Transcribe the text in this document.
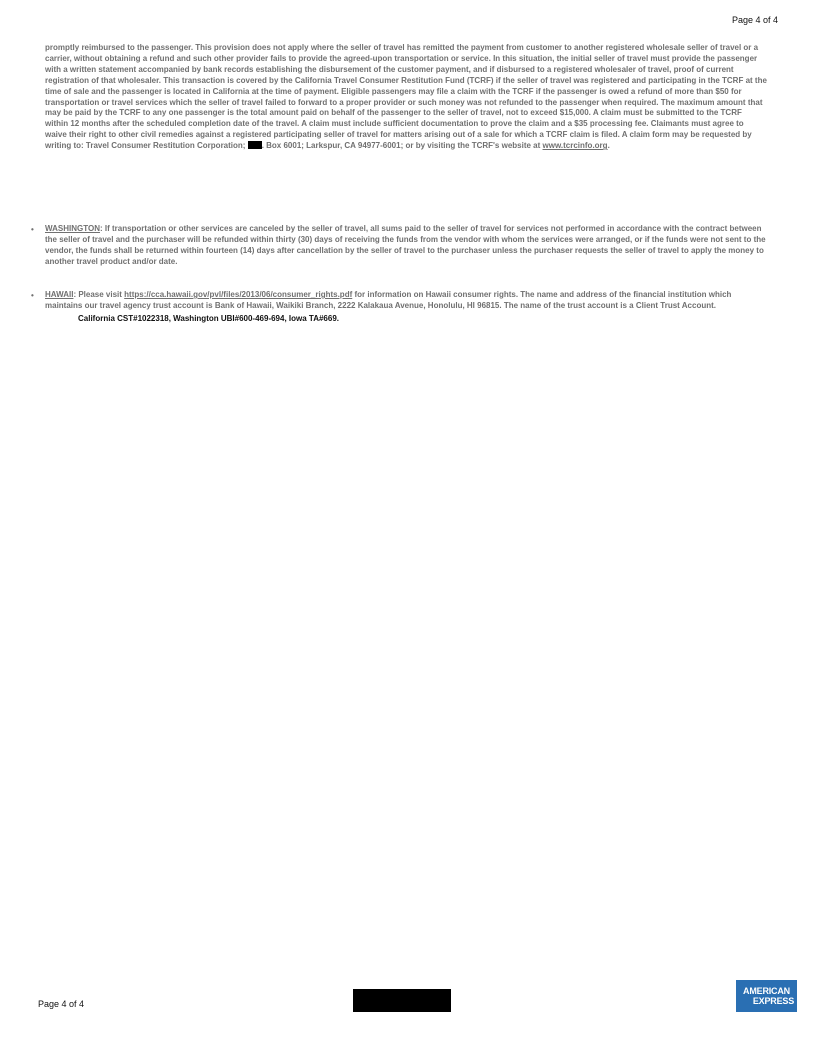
Page 4 of 4
promptly reimbursed to the passenger. This provision does not apply where the seller of travel has remitted the payment from customer to another registered wholesale seller of travel or a carrier, without obtaining a refund and such other provider fails to provide the agreed-upon transportation or service. In this situation, the initial seller of travel must provide the passenger with a written statement accompanied by bank records establishing the disbursement of the customer payment, and if disbursed to a registered wholesaler of travel, proof of current registration of that wholesaler. This transaction is covered by the California Travel Consumer Restitution Fund (TCRF) if the seller of travel was registered and participating in the TCRF at the time of sale and the passenger is located in California at the time of payment. Eligible passengers may file a claim with the TCRF if the passenger is owed a refund of more than $50 for transportation or travel services which the seller of travel failed to forward to a proper provider or such money was not refunded to the passenger when required. The maximum amount that may be paid by the TCRF to any one passenger is the total amount paid on behalf of the passenger to the seller of travel, not to exceed $15,000. A claim must be submitted to the TCRF within 12 months after the scheduled completion date of the travel. A claim must include sufficient documentation to prove the claim and a $35 processing fee. Claimants must agree to waive their right to other civil remedies against a registered participating seller of travel for matters arising out of a sale for which a TCRF claim is filed. A claim form may be requested by writing to: Travel Consumer Restitution Corporation; . Box 6001; Larkspur, CA 94977-6001; or by visiting the TCRF's website at www.tcrcinfo.org.
• WASHINGTON: If transportation or other services are canceled by the seller of travel, all sums paid to the seller of travel for services not performed in accordance with the contract between the seller of travel and the purchaser will be refunded within thirty (30) days of receiving the funds from the vendor with whom the services were arranged, or if the funds were not sent to the vendor, the funds shall be returned within fourteen (14) days after cancellation by the seller of travel to the purchaser unless the purchaser requests the seller of travel to apply the money to another travel product and/or date.
• HAWAII: Please visit https://cca.hawaii.gov/pvl/files/2013/06/consumer_rights.pdf for information on Hawaii consumer rights. The name and address of the financial institution which maintains our travel agency trust account is Bank of Hawaii, Waikiki Branch, 2222 Kalakaua Avenue, Honolulu, HI 96815. The name of the trust account is a Client Trust Account.
California CST#1022318, Washington UBI#600-469-694, Iowa TA#669.
Page 4 of 4
AMERICAN
EXPRESS
